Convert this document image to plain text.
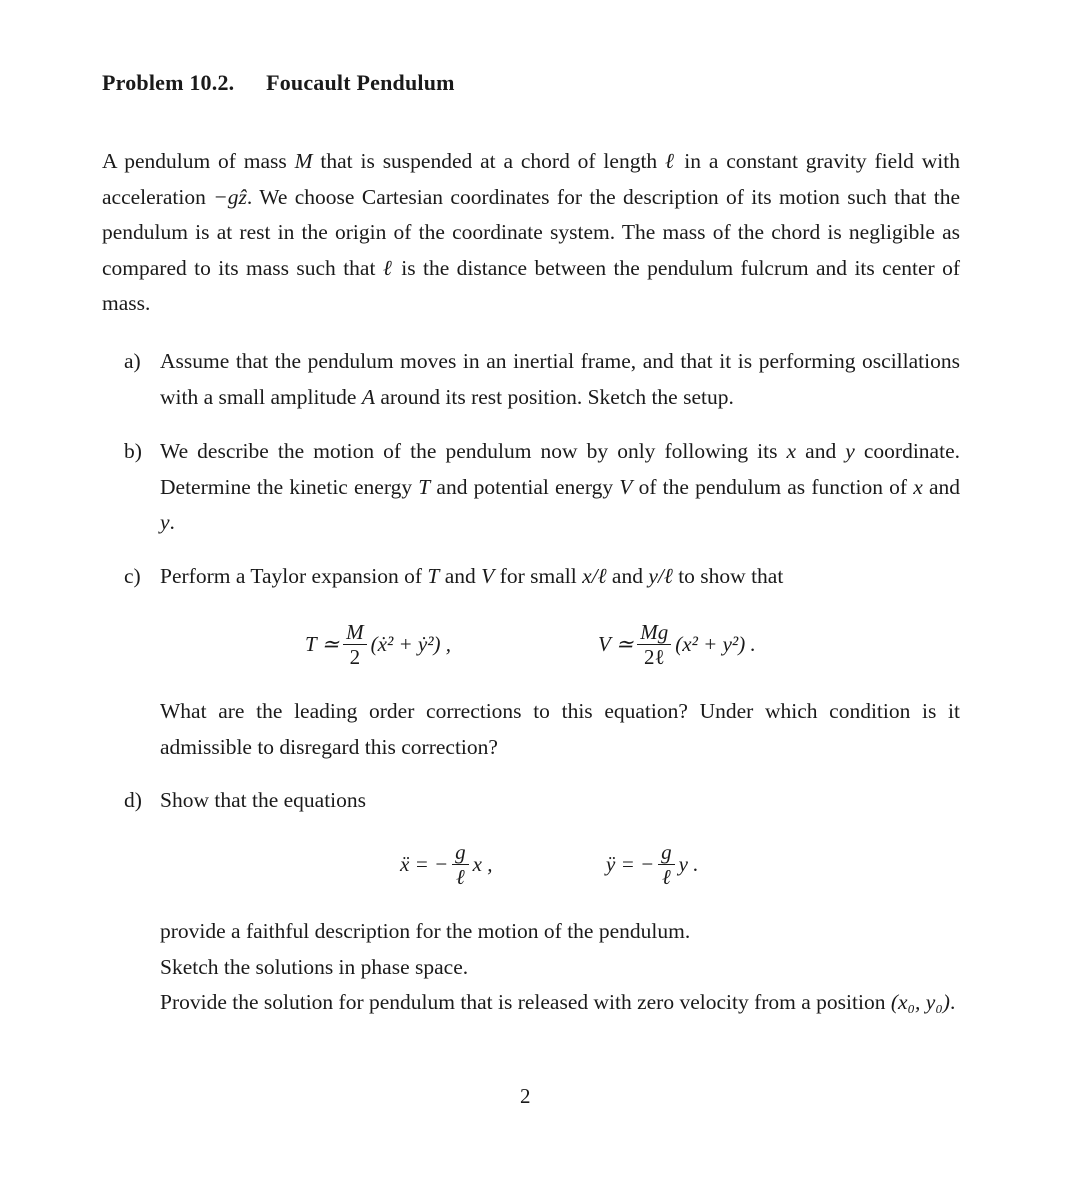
Problem 10.2. Foucault Pendulum
A pendulum of mass M that is suspended at a chord of length ℓ in a constant gravity field with acceleration −gẑ. We choose Cartesian coordinates for the description of its motion such that the pendulum is at rest in the origin of the coordinate system. The mass of the chord is negligible as compared to its mass such that ℓ is the distance between the pendulum fulcrum and its center of mass.
a) Assume that the pendulum moves in an inertial frame, and that it is performing oscillations with a small amplitude A around its rest position. Sketch the setup.
b) We describe the motion of the pendulum now by only following its x and y coordinate. Determine the kinetic energy T and potential energy V of the pendulum as function of x and y.
c) Perform a Taylor expansion of T and V for small x/ℓ and y/ℓ to show that
T ≃ $\frac{M}{2}$ (ẋ² + ẏ²) ,	V ≃ $\frac{Mg}{\text{2ℓ}} (x^2 + y^2)$ .
What are the leading order corrections to this equation? Under which condition is it admissible to disregard this correction?
d) Show that the equations
ẍ = − $\frac{g}{\text{ℓ}}$ x ,	ÿ = − $\frac{g}{\text{ℓ}}$ y .
provide a faithful description for the motion of the pendulum.
Sketch the solutions in phase space.
Provide the solution for pendulum that is released with zero velocity from a position (x₀, y₀).
2
